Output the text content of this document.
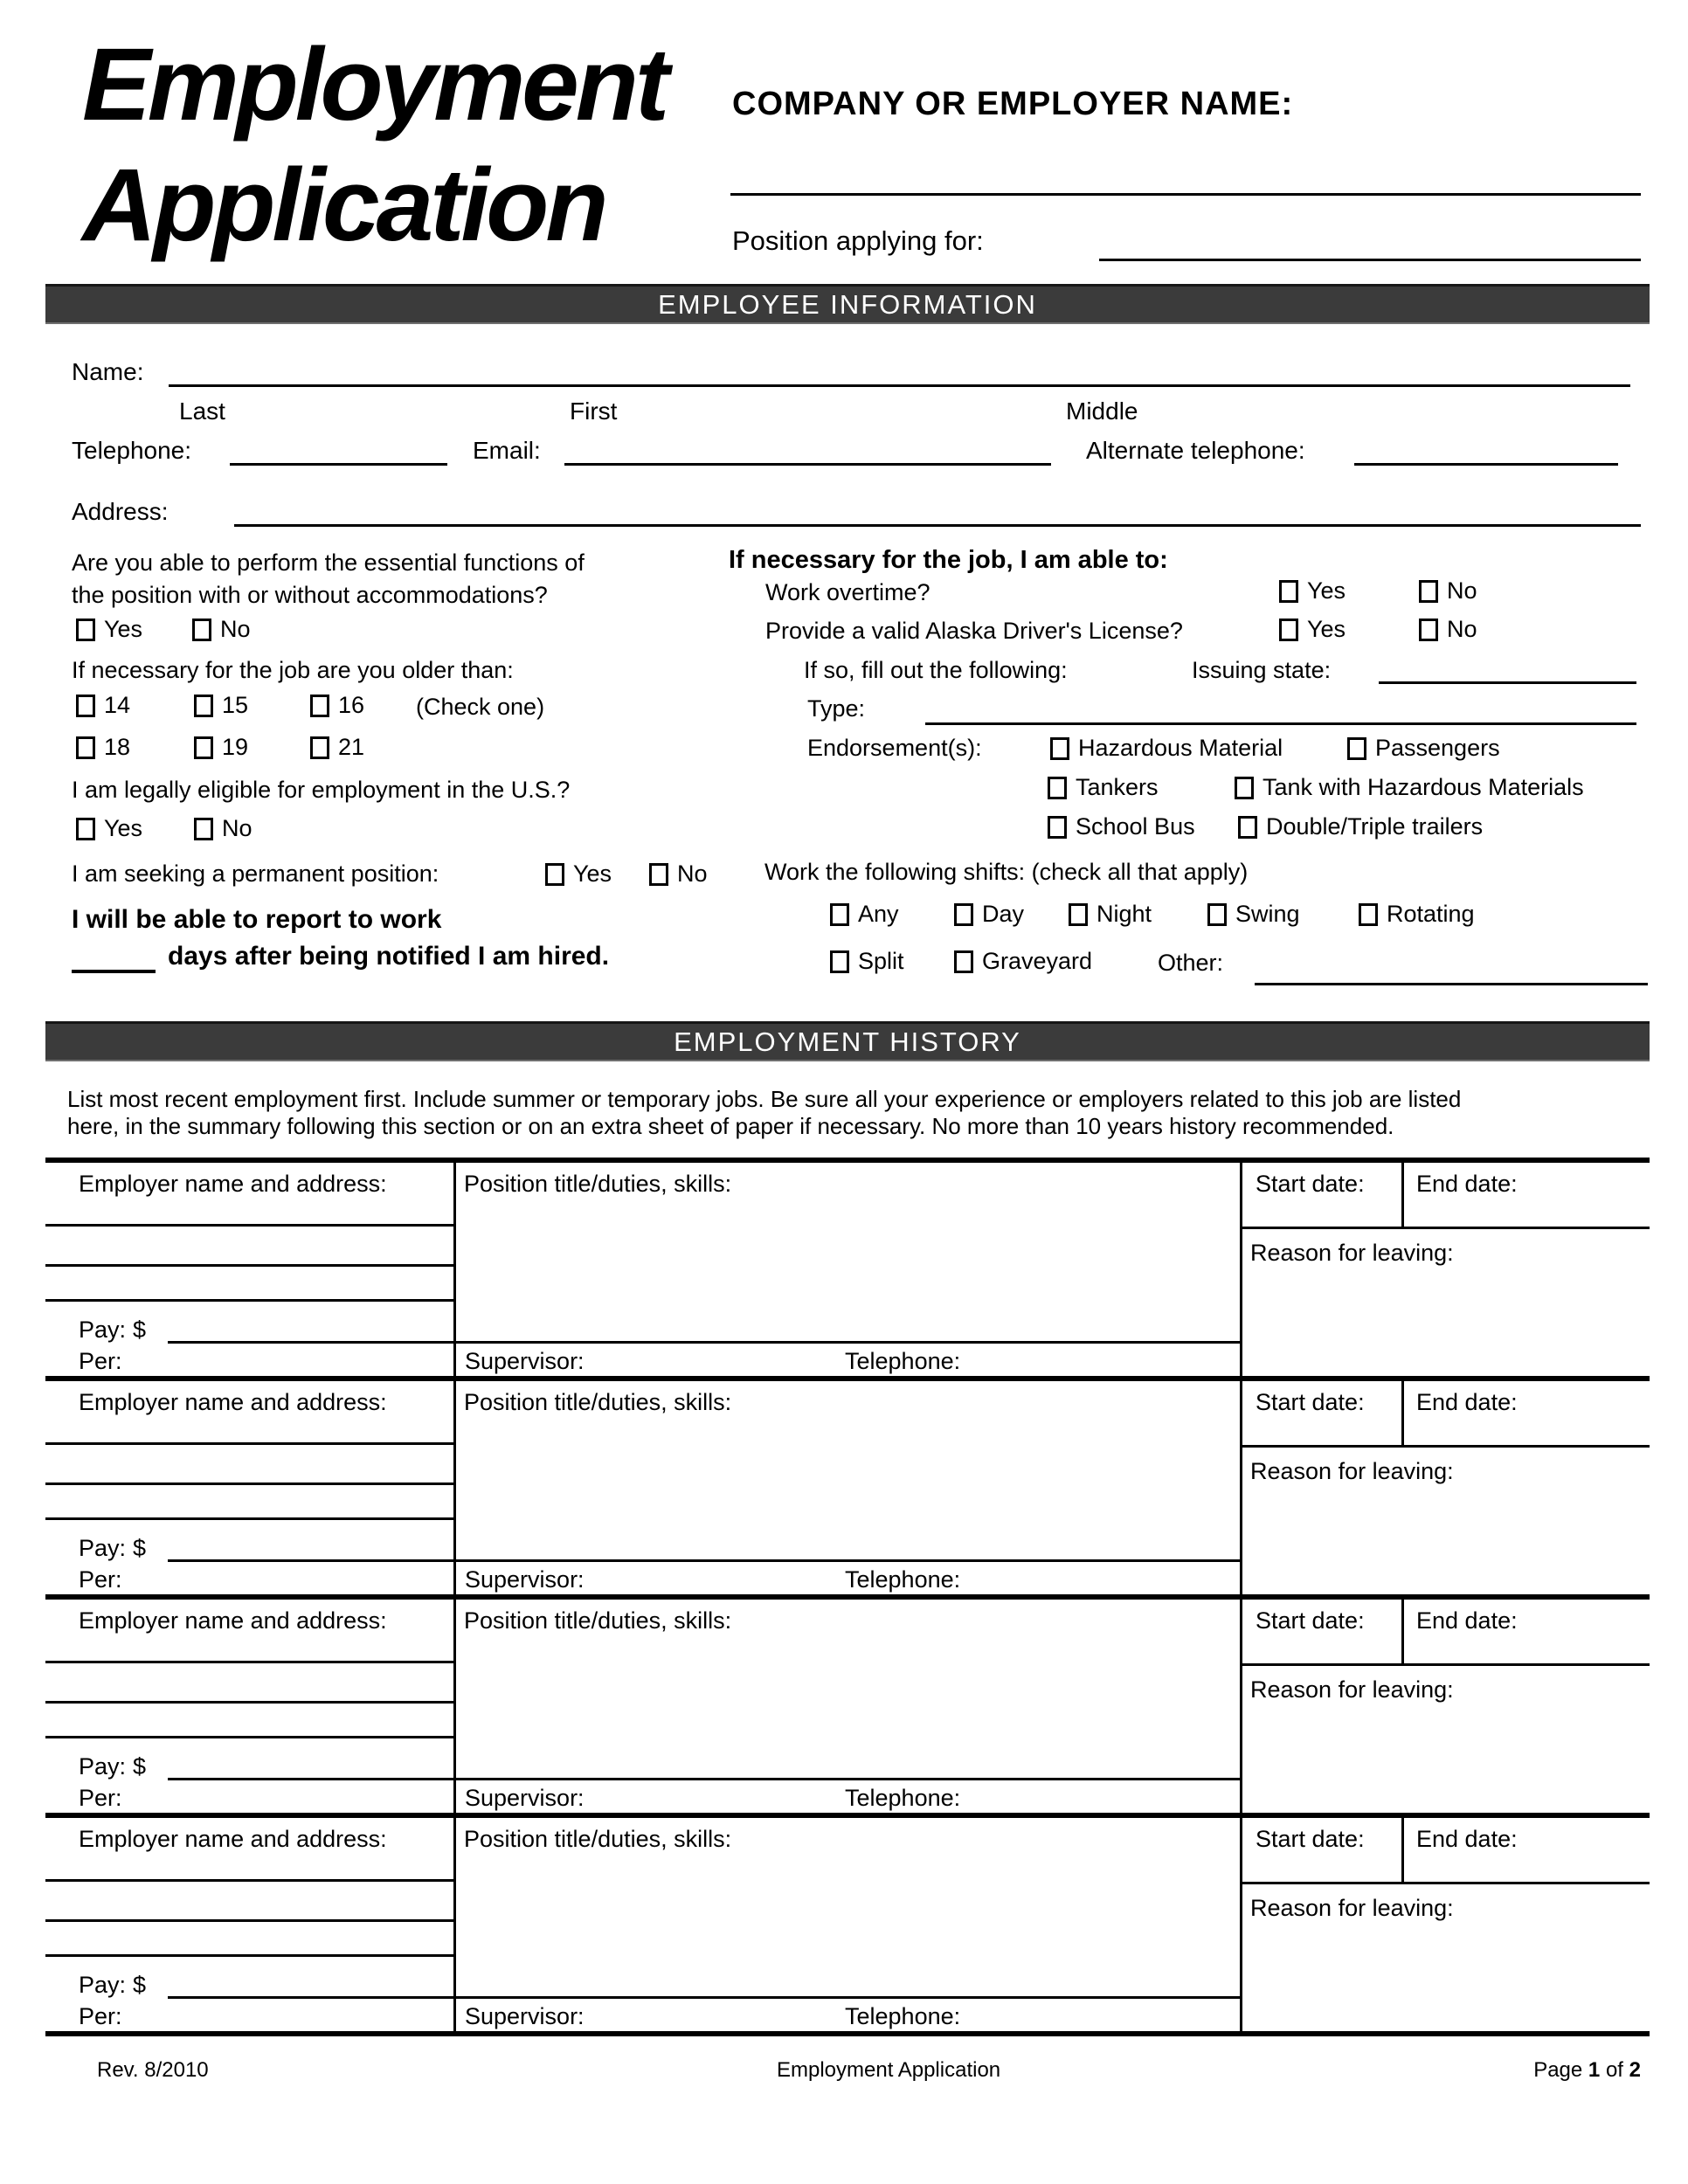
Employment
Application
COMPANY OR EMPLOYER NAME:
Position applying for:
EMPLOYEE INFORMATION
Name:
Last	First	Middle
Telephone:	Email:	Alternate telephone:
Address:
Are you able to perform the essential functions of
the position with or without accommodations?
Yes	No
If necessary for the job are you older than:
14	15	16 (Check one)
18	19	21
I am legally eligible for employment in the U.S.?
Yes	No
I am seeking a permanent position:	Yes	No
I will be able to report to work
days after being notified I am hired.
If necessary for the job, I am able to:
Work overtime?	Yes	No
Provide a valid Alaska Driver's License?	Yes	No
If so, fill out the following:	Issuing state:
Type:
Endorsement(s):	Hazardous Material	Passengers
Tankers	Tank with Hazardous Materials
School Bus	Double/Triple trailers
Work the following shifts: (check all that apply)
Any	Day	Night	Swing	Rotating
Split	Graveyard	Other:
EMPLOYMENT HISTORY
List most recent employment first. Include summer or temporary jobs. Be sure all your experience or employers related to this job are listed
here, in the summary following this section or on an extra sheet of paper if necessary. No more than 10 years history recommended.
Employer name and address:	Position title/duties, skills:	Start date: End date:
Reason for leaving:
Pay: $
Per:	Supervisor:	Telephone:
Employer name and address:	Position title/duties, skills:	Start date: End date:
Reason for leaving:
Pay: $
Per:	Supervisor:	Telephone:
Employer name and address:	Position title/duties, skills:	Start date: End date:
Reason for leaving:
Pay: $
Per:	Supervisor:	Telephone:
Employer name and address:	Position title/duties, skills:	Start date: End date:
Reason for leaving:
Pay: $
Per:	Supervisor:	Telephone:
Rev. 8/2010	Employment Application	Page 1 of 2
